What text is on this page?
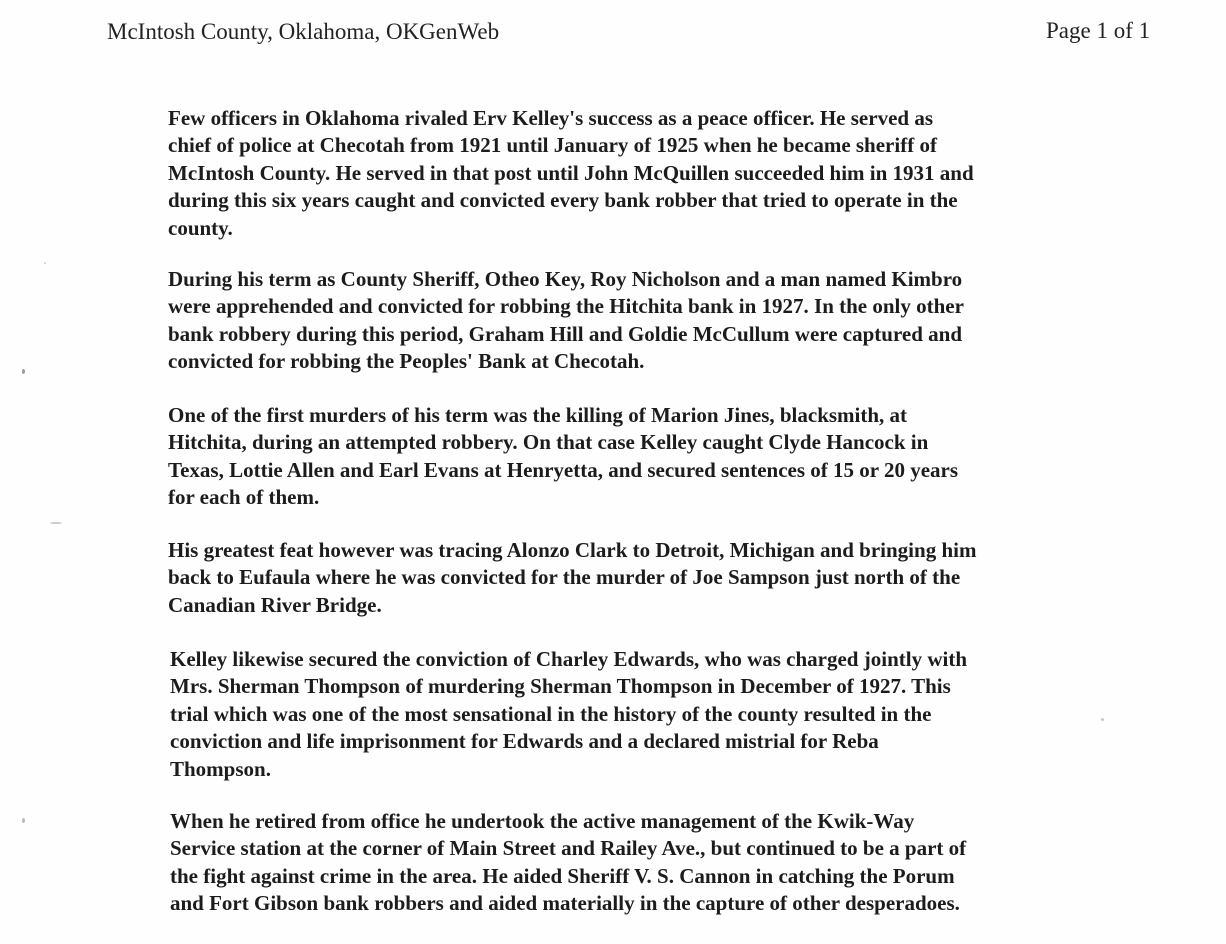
McIntosh County, Oklahoma, OKGenWeb	Page 1 of 1

Few officers in Oklahoma rivaled Erv Kelley's success as a peace officer. He served as
chief of police at Checotah from 1921 until January of 1925 when he became sheriff of
McIntosh County. He served in that post until John McQuillen succeeded him in 1931 and
during this six years caught and convicted every bank robber that tried to operate in the
county.

During his term as County Sheriff, Otheo Key, Roy Nicholson and a man named Kimbro
were apprehended and convicted for robbing the Hitchita bank in 1927. In the only other
bank robbery during this period, Graham Hill and Goldie McCullum were captured and
convicted for robbing the Peoples' Bank at Checotah.

One of the first murders of his term was the killing of Marion Jines, blacksmith, at
Hitchita, during an attempted robbery. On that case Kelley caught Clyde Hancock in
Texas, Lottie Allen and Earl Evans at Henryetta, and secured sentences of 15 or 20 years
for each of them.

His greatest feat however was tracing Alonzo Clark to Detroit, Michigan and bringing him
back to Eufaula where he was convicted for the murder of Joe Sampson just north of the
Canadian River Bridge.

Kelley likewise secured the conviction of Charley Edwards, who was charged jointly with
Mrs. Sherman Thompson of murdering Sherman Thompson in December of 1927. This
trial which was one of the most sensational in the history of the county resulted in the
conviction and life imprisonment for Edwards and a declared mistrial for Reba
Thompson.

When he retired from office he undertook the active management of the Kwik-Way
Service station at the corner of Main Street and Railey Ave., but continued to be a part of
the fight against crime in the area. He aided Sheriff V. S. Cannon in catching the Porum
and Fort Gibson bank robbers and aided materially in the capture of other desperadoes.
